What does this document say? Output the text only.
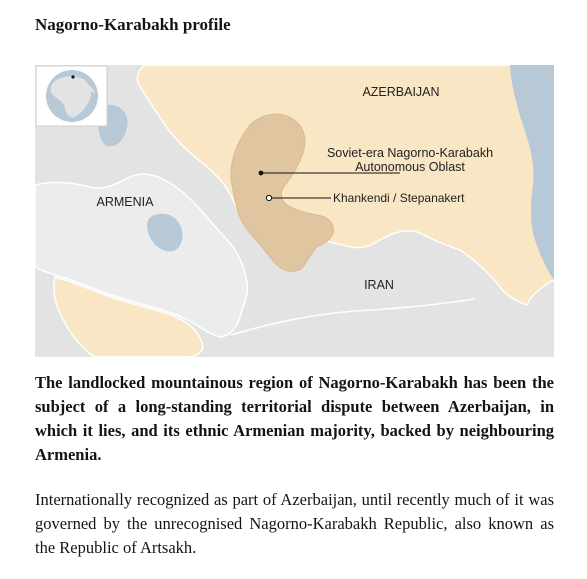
Nagorno-Karabakh profile
Soviet-era Nagorno-Karabakh
Autonomous Oblast
Khankendi / Stepanakert
AZERBAIJAN
ARMENIA
IRAN

The landlocked mountainous region of Nagorno-Karabakh has been the subject of a long-standing territorial dispute between Azerbaijan, in which it lies, and its ethnic Armenian majority, backed by neighbouring Armenia.

Internationally recognized as part of Azerbaijan, until recently much of it was governed by the unrecognised Nagorno-Karabakh Republic, also known as the Republic of Artsakh.
